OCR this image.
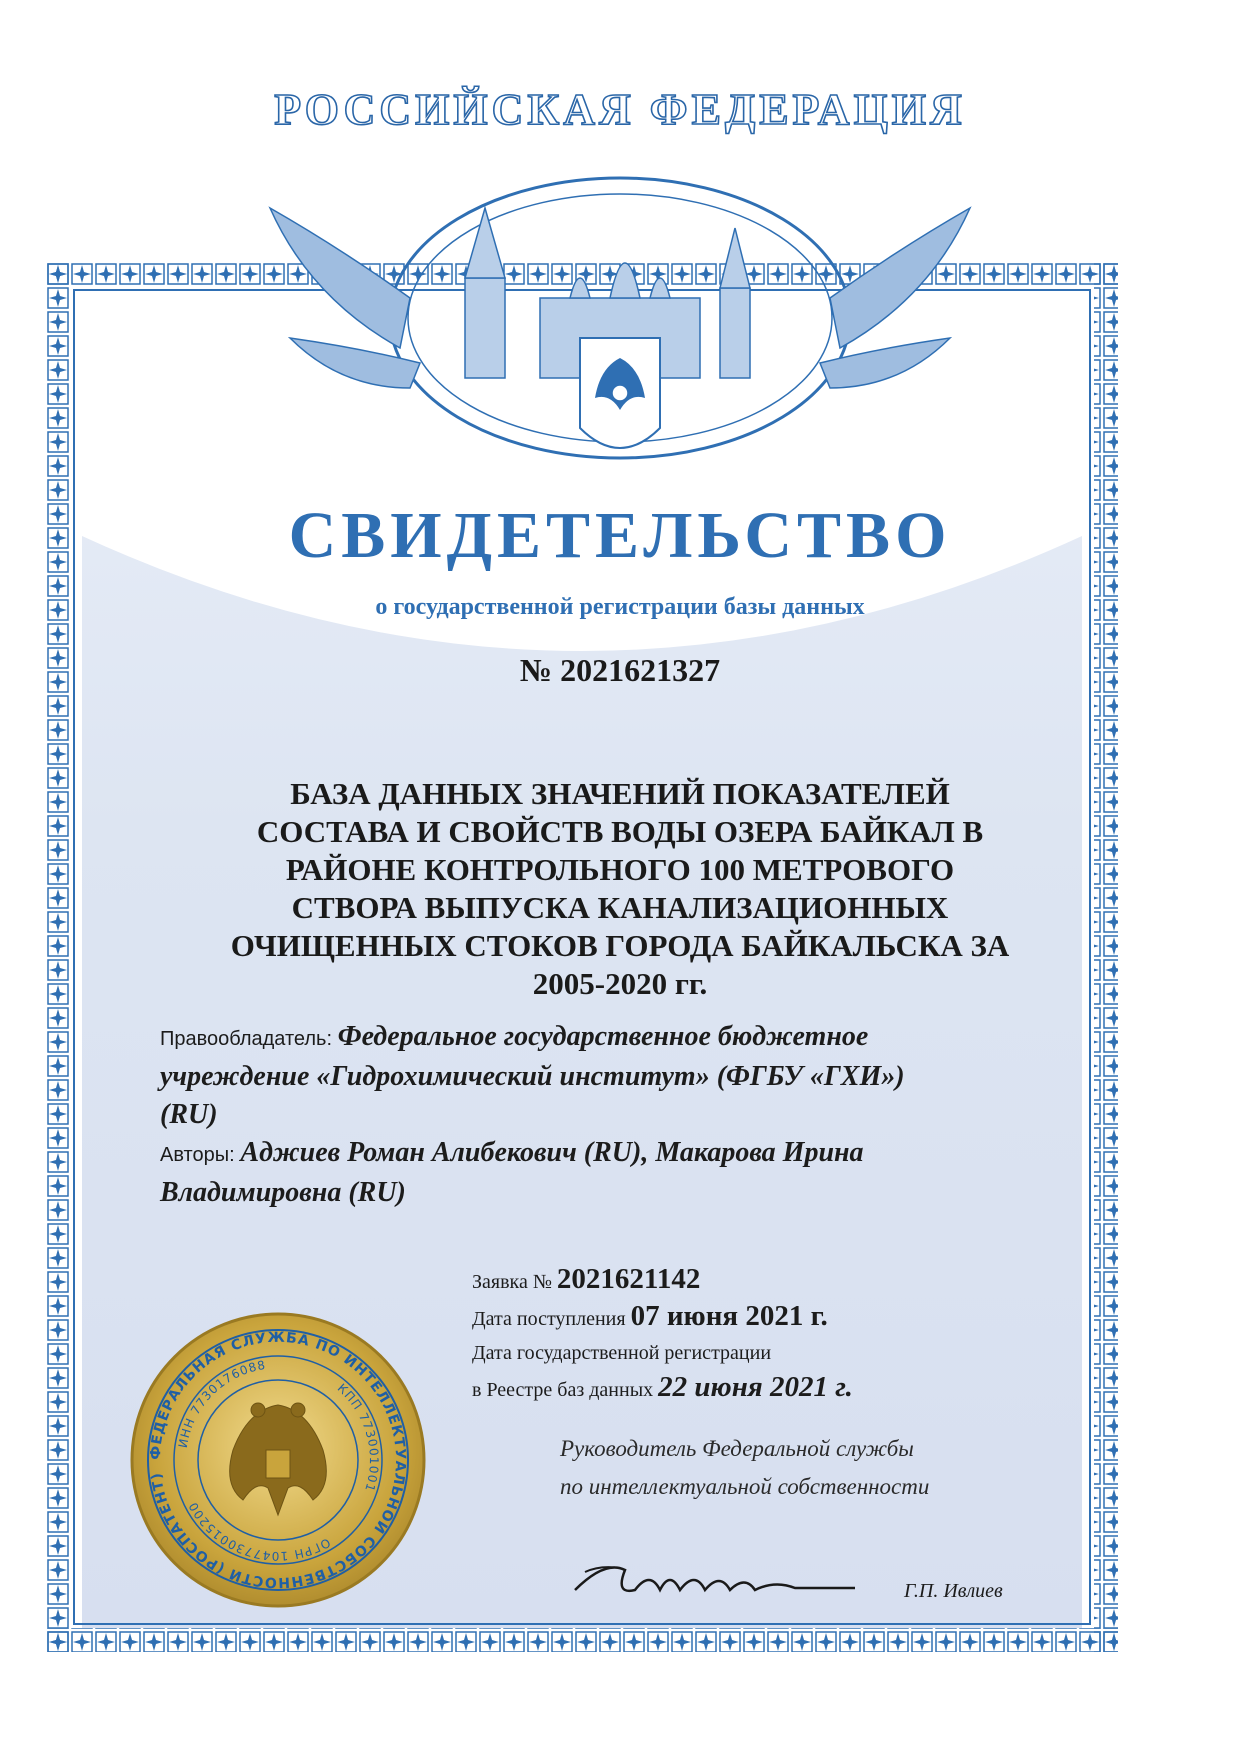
РОССИЙСКАЯ ФЕДЕРАЦИЯ
СВИДЕТЕЛЬСТВО
о государственной регистрации базы данных
№ 2021621327
БАЗА ДАННЫХ ЗНАЧЕНИЙ ПОКАЗАТЕЛЕЙ
СОСТАВА И СВОЙСТВ ВОДЫ ОЗЕРА БАЙКАЛ В
РАЙОНЕ КОНТРОЛЬНОГО 100 МЕТРОВОГО
СТВОРА ВЫПУСКА КАНАЛИЗАЦИОННЫХ
ОЧИЩЕННЫХ СТОКОВ ГОРОДА БАЙКАЛЬСКА ЗА
2005-2020 гг.
Правообладатель: Федеральное государственное бюджетное
учреждение «Гидрохимический институт» (ФГБУ «ГХИ»)
(RU)
Авторы: Аджиев Роман Алибекович (RU), Макарова Ирина
Владимировна (RU)
Заявка № 2021621142
Дата поступления 07 июня 2021 г.
Дата государственной регистрации
в Реестре баз данных 22 июня 2021 г.
Руководитель Федеральной службы
по интеллектуальной собственности
Г.П. Ивлиев
ФЕДЕРАЛЬНАЯ СЛУЖБА ПО ИНТЕЛЛЕКТУАЛЬНОЙ СОБСТВЕННОСТИ (РОСПАТЕНТ)
ИНН 7730176088
КПП 773001001
ОГРН 1047730015200
